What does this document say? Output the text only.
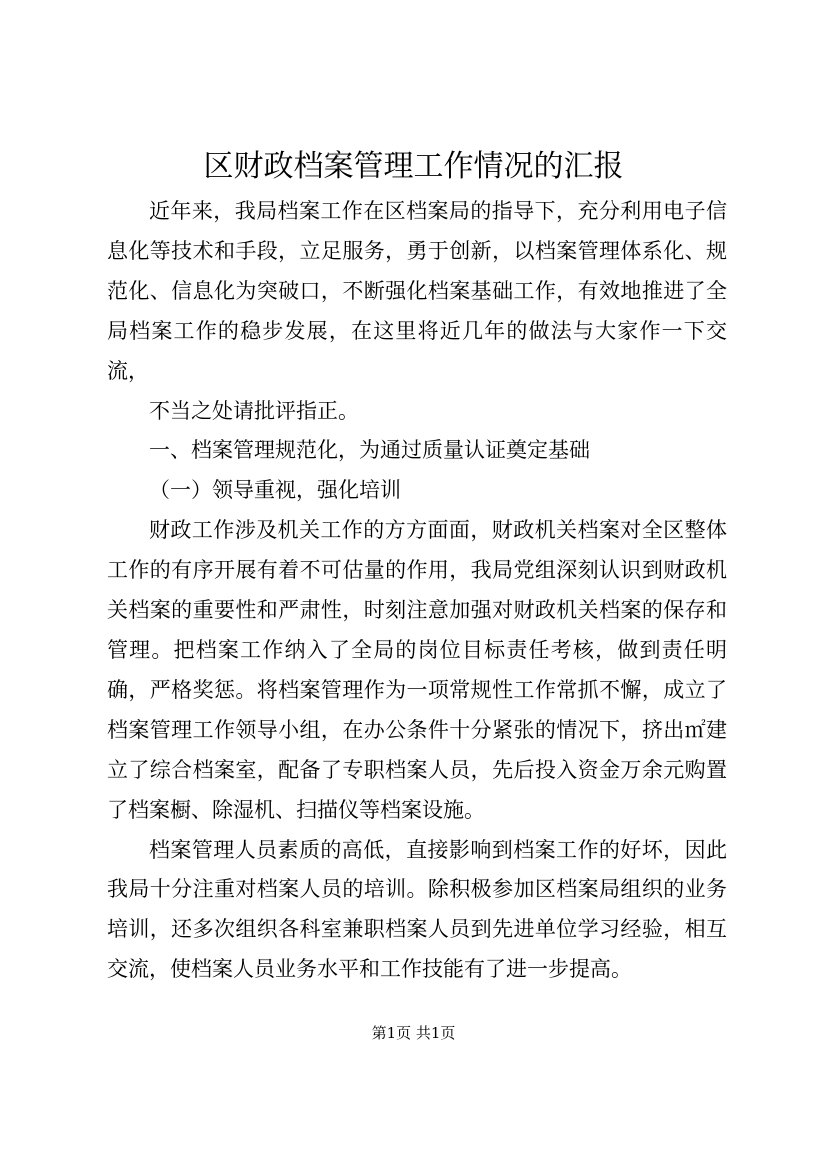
区财政档案管理工作情况的汇报

近年来，我局档案工作在区档案局的指导下，充分利用电子信息化等技术和手段，立足服务，勇于创新，以档案管理体系化、规范化、信息化为突破口，不断强化档案基础工作，有效地推进了全局档案工作的稳步发展，在这里将近几年的做法与大家作一下交流，

不当之处请批评指正。

一、档案管理规范化，为通过质量认证奠定基础

（一）领导重视，强化培训

财政工作涉及机关工作的方方面面，财政机关档案对全区整体工作的有序开展有着不可估量的作用，我局党组深刻认识到财政机关档案的重要性和严肃性，时刻注意加强对财政机关档案的保存和管理。把档案工作纳入了全局的岗位目标责任考核，做到责任明确，严格奖惩。将档案管理作为一项常规性工作常抓不懈，成立了档案管理工作领导小组，在办公条件十分紧张的情况下，挤出㎡建立了综合档案室，配备了专职档案人员，先后投入资金万余元购置了档案橱、除湿机、扫描仪等档案设施。

档案管理人员素质的高低，直接影响到档案工作的好坏，因此我局十分注重对档案人员的培训。除积极参加区档案局组织的业务培训，还多次组织各科室兼职档案人员到先进单位学习经验，相互交流，使档案人员业务水平和工作技能有了进一步提高。

第1页 共1页
